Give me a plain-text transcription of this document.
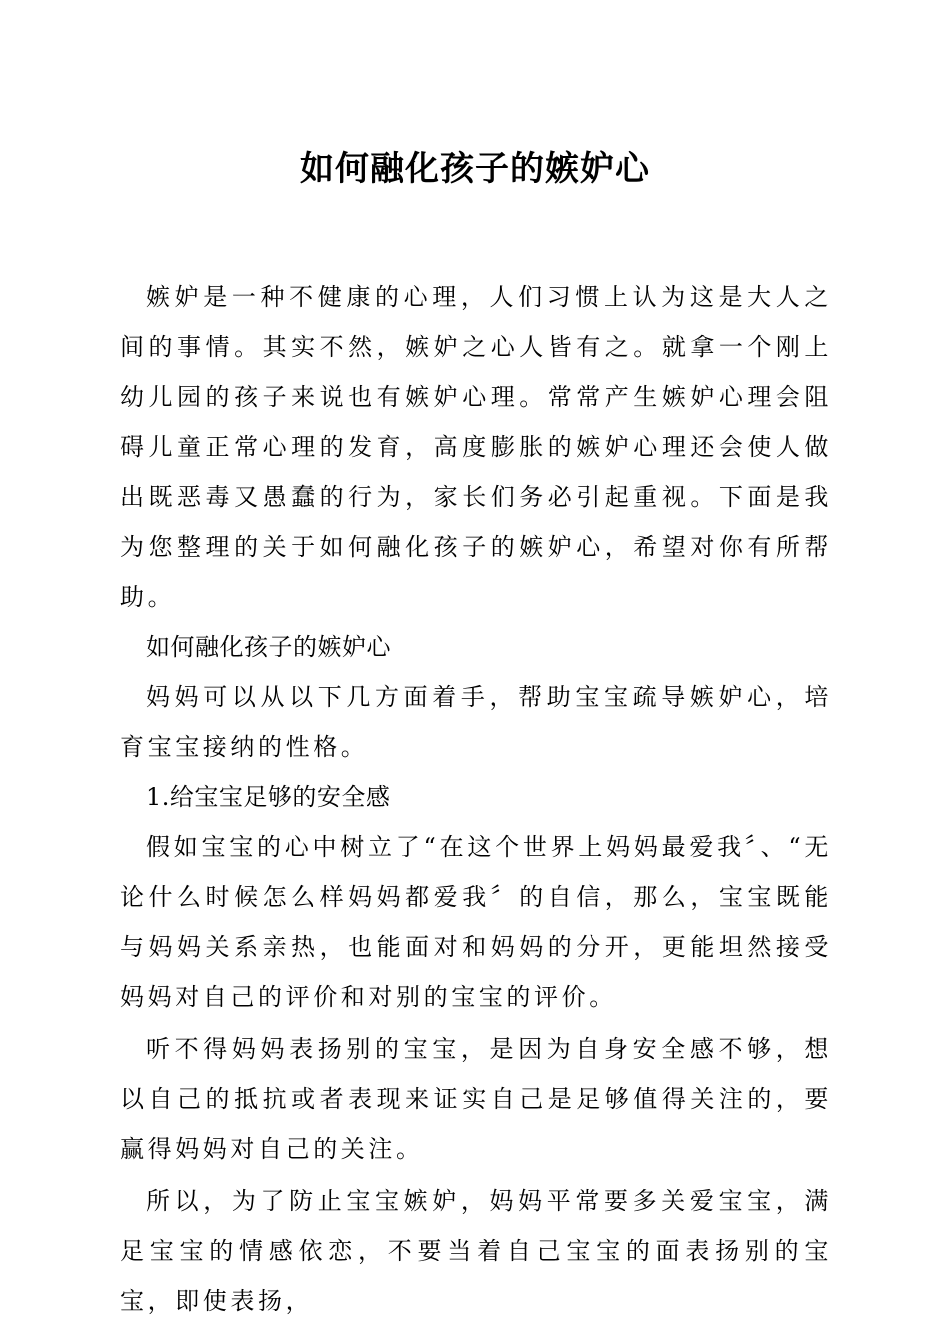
如何融化孩子的嫉妒心

嫉妒是一种不健康的心理，人们习惯上认为这是大人之间的事情。其实不然，嫉妒之心人皆有之。就拿一个刚上幼儿园的孩子来说也有嫉妒心理。常常产生嫉妒心理会阻碍儿童正常心理的发育，高度膨胀的嫉妒心理还会使人做出既恶毒又愚蠢的行为，家长们务必引起重视。下面是我为您整理的关于如何融化孩子的嫉妒心，希望对你有所帮助。

如何融化孩子的嫉妒心

妈妈可以从以下几方面着手，帮助宝宝疏导嫉妒心，培育宝宝接纳的性格。

1.给宝宝足够的安全感

假如宝宝的心中树立了“在这个世界上妈妈最爱我〞、“无论什么时候怎么样妈妈都爱我〞的自信，那么，宝宝既能与妈妈关系亲热，也能面对和妈妈的分开，更能坦然接受妈妈对自己的评价和对别的宝宝的评价。

听不得妈妈表扬别的宝宝，是因为自身安全感不够，想以自己的抵抗或者表现来证实自己是足够值得关注的，要赢得妈妈对自己的关注。

所以，为了防止宝宝嫉妒，妈妈平常要多关爱宝宝，满足宝宝的情感依恋，不要当着自己宝宝的面表扬别的宝宝，即使表扬，
